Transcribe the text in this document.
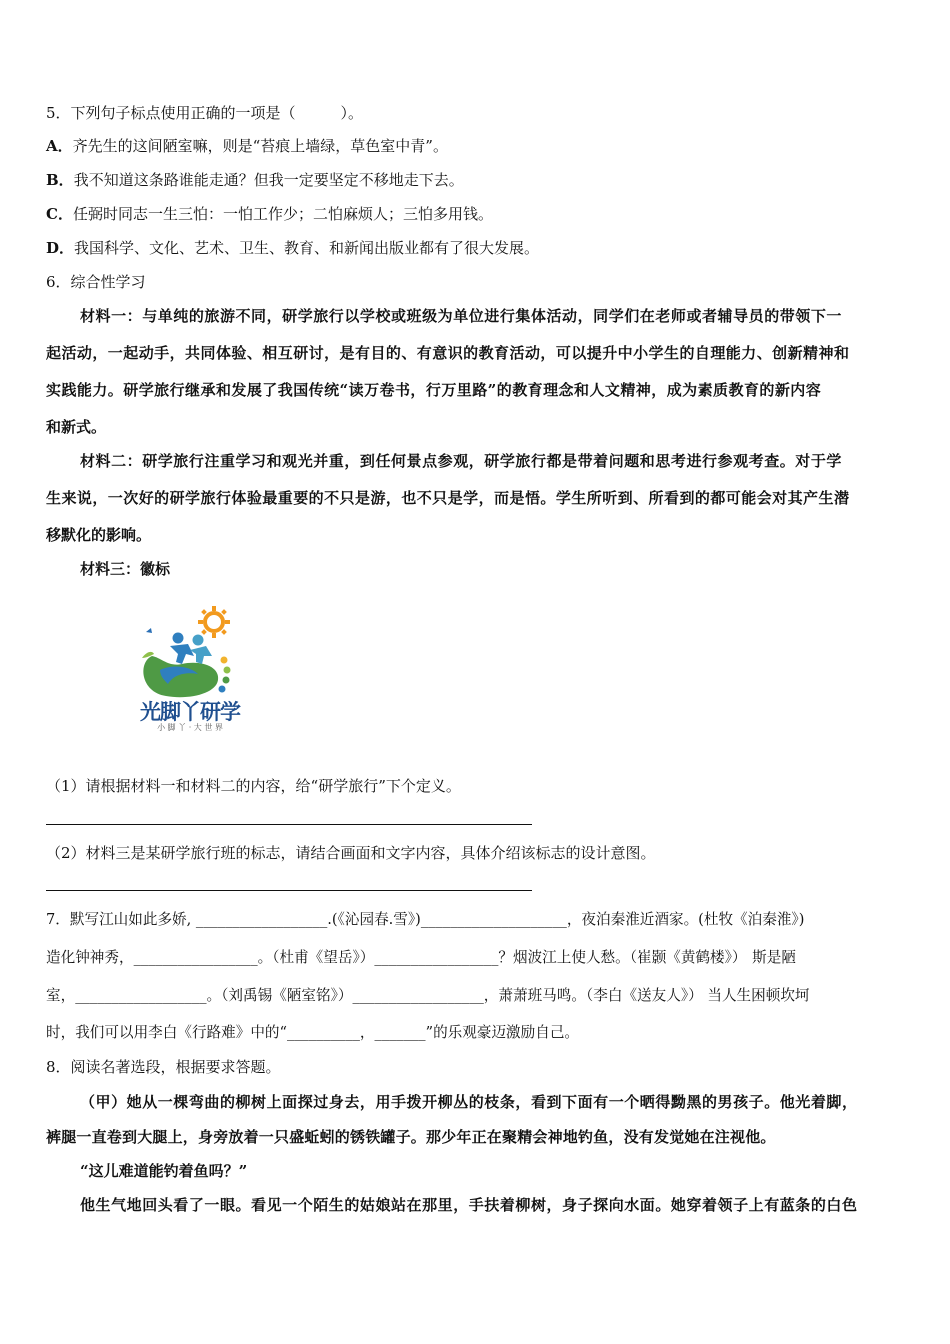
5．下列句子标点使用正确的一项是（　　　）。
A．齐先生的这间陋室嘛，则是“苔痕上墙绿，草色室中青”。
B．我不知道这条路谁能走通？但我一定要坚定不移地走下去。
C．任弼时同志一生三怕：一怕工作少；二怕麻烦人；三怕多用钱。
D．我国科学、文化、艺术、卫生、教育、和新闻出版业都有了很大发展。
6．综合性学习
材料一：与单纯的旅游不同，研学旅行以学校或班级为单位进行集体活动，同学们在老师或者辅导员的带领下一
起活动，一起动手，共同体验、相互研讨，是有目的、有意识的教育活动，可以提升中小学生的自理能力、创新精神和
实践能力。研学旅行继承和发展了我国传统“读万卷书，行万里路”的教育理念和人文精神，成为素质教育的新内容
和新式。
材料二：研学旅行注重学习和观光并重，到任何景点参观，研学旅行都是带着问题和思考进行参观考查。对于学
生来说，一次好的研学旅行体验最重要的不只是游，也不只是学，而是悟。学生所听到、所看到的都可能会对其产生潜
移默化的影响。
材料三：徽标
光脚丫研学
小 脚 丫 · 大 世 界
（1）请根据材料一和材料二的内容，给“研学旅行”下个定义。
（2）材料三是某研学旅行班的标志，请结合画面和文字内容，具体介绍该标志的设计意图。
7．默写江山如此多娇, __________________.(《沁园春.雪》)____________________，夜泊秦淮近酒家。(杜牧《泊秦淮》)
造化钟神秀，_________________。（杜甫《望岳》）_________________？烟波江上使人愁。（崔颢《黄鹤楼》） 斯是陋
室，__________________。（刘禹锡《陋室铭》）__________________，萧萧班马鸣。（李白《送友人》） 当人生困顿坎坷
时，我们可以用李白《行路难》中的“__________，_______”的乐观豪迈激励自己。
8．阅读名著选段，根据要求答题。
（甲）她从一棵弯曲的柳树上面探过身去，用手拨开柳丛的枝条，看到下面有一个晒得黝黑的男孩子。他光着脚，
裤腿一直卷到大腿上，身旁放着一只盛蚯蚓的锈铁罐子。那少年正在聚精会神地钓鱼，没有发觉她在注视他。
“这儿难道能钓着鱼吗？”
他生气地回头看了一眼。看见一个陌生的姑娘站在那里，手扶着柳树，身子探向水面。她穿着领子上有蓝条的白色
